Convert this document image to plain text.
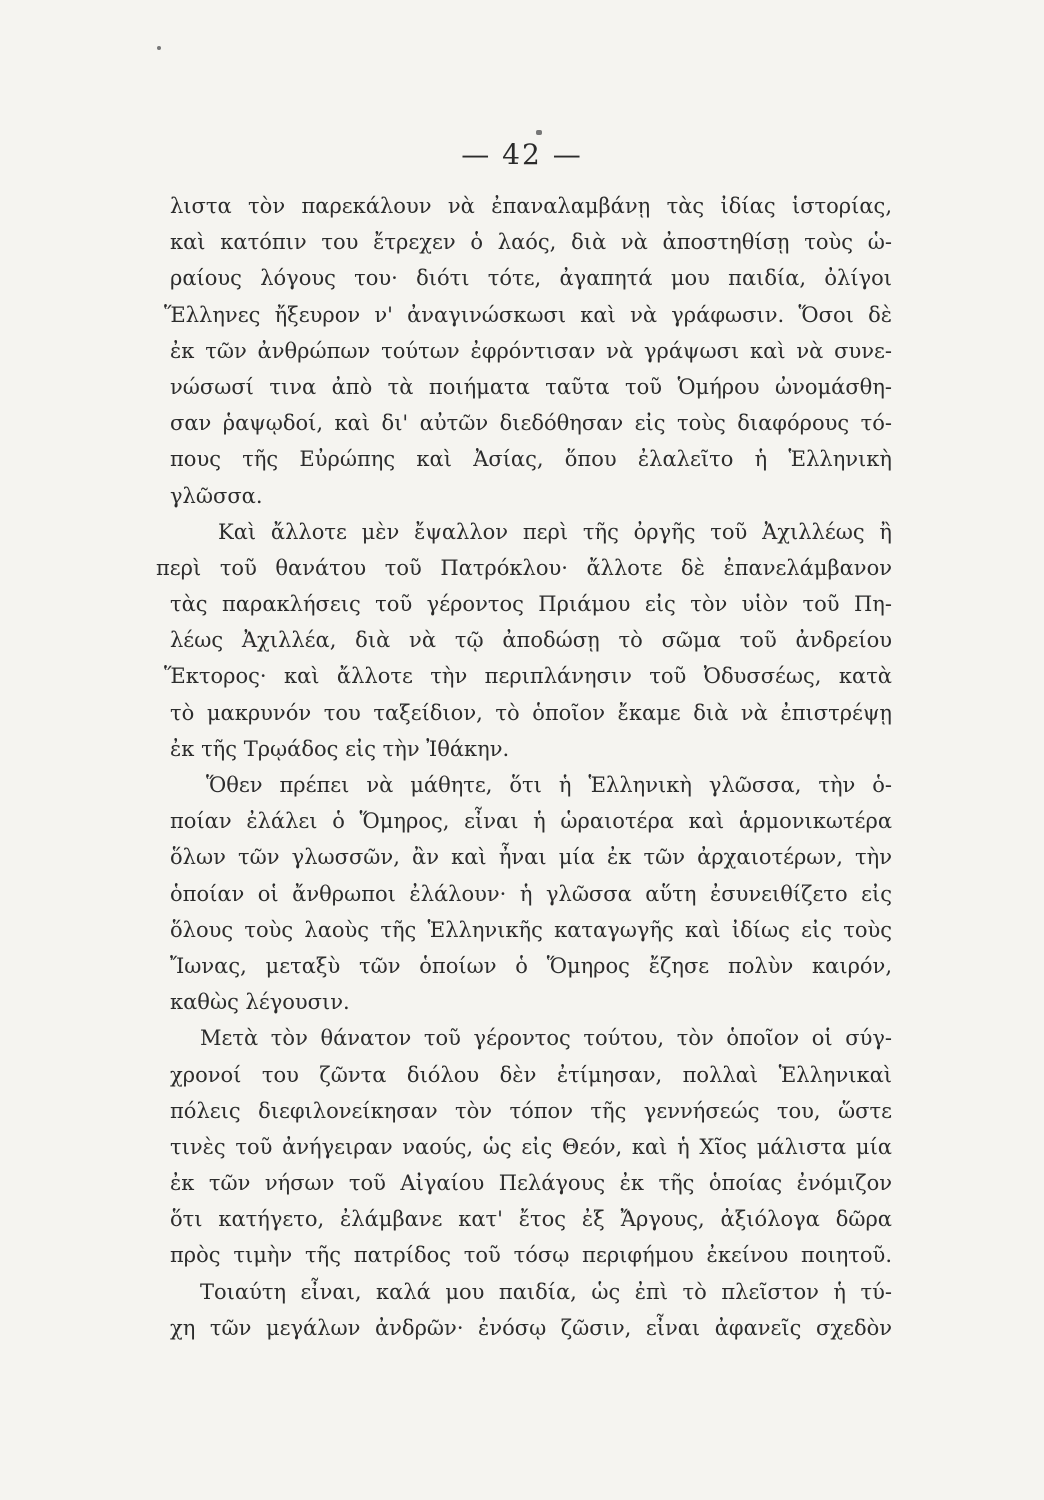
— 42 —
λιστα τὸν παρεκάλουν νὰ ἐπαναλαμβάνῃ τὰς ἰδίας ἱστορίας,
καὶ κατόπιν του ἔτρεχεν ὁ λαός, διὰ νὰ ἀποστηθίσῃ τοὺς ὡ-
ραίους λόγους του· διότι τότε, ἀγαπητά μου παιδία, ὀλίγοι
Ἕλληνες ἤξευρον ν' ἀναγινώσκωσι καὶ νὰ γράφωσιν. Ὅσοι δὲ
ἐκ τῶν ἀνθρώπων τούτων ἐφρόντισαν νὰ γράψωσι καὶ νὰ συνε-
νώσωσί τινα ἀπὸ τὰ ποιήματα ταῦτα τοῦ Ὁμήρου ὠνομάσθη-
σαν ῥαψῳδοί, καὶ δι' αὐτῶν διεδόθησαν εἰς τοὺς διαφόρους τό-
πους τῆς Εὐρώπης καὶ Ἀσίας, ὅπου ἐλαλεῖτο ἡ Ἑλληνικὴ
γλῶσσα.
Καὶ ἄλλοτε μὲν ἔψαλλον περὶ τῆς ὀργῆς τοῦ Ἀχιλλέως ἢ
περὶ τοῦ θανάτου τοῦ Πατρόκλου· ἄλλοτε δὲ ἐπανελάμβανον
τὰς παρακλήσεις τοῦ γέροντος Πριάμου εἰς τὸν υἱὸν τοῦ Πη-
λέως Ἀχιλλέα, διὰ νὰ τῷ ἀποδώσῃ τὸ σῶμα τοῦ ἀνδρείου
Ἕκτορος· καὶ ἄλλοτε τὴν περιπλάνησιν τοῦ Ὀδυσσέως, κατὰ
τὸ μακρυνόν του ταξείδιον, τὸ ὁποῖον ἔκαμε διὰ νὰ ἐπιστρέψῃ
ἐκ τῆς Τρῳάδος εἰς τὴν Ἰθάκην.
Ὅθεν πρέπει νὰ μάθητε, ὅτι ἡ Ἑλληνικὴ γλῶσσα, τὴν ὁ-
ποίαν ἐλάλει ὁ Ὅμηρος, εἶναι ἡ ὡραιοτέρα καὶ ἁρμονικωτέρα
ὅλων τῶν γλωσσῶν, ἂν καὶ ἦναι μία ἐκ τῶν ἀρχαιοτέρων, τὴν
ὁποίαν οἱ ἄνθρωποι ἐλάλουν· ἡ γλῶσσα αὕτη ἐσυνειθίζετο εἰς
ὅλους τοὺς λαοὺς τῆς Ἑλληνικῆς καταγωγῆς καὶ ἰδίως εἰς τοὺς
Ἴωνας, μεταξὺ τῶν ὁποίων ὁ Ὅμηρος ἔζησε πολὺν καιρόν,
καθὼς λέγουσιν.
Μετὰ τὸν θάνατον τοῦ γέροντος τούτου, τὸν ὁποῖον οἱ σύγ-
χρονοί του ζῶντα διόλου δὲν ἐτίμησαν, πολλαὶ Ἑλληνικαὶ
πόλεις διεφιλονείκησαν τὸν τόπον τῆς γεννήσεώς του, ὥστε
τινὲς τοῦ ἀνήγειραν ναούς, ὡς εἰς Θεόν, καὶ ἡ Χῖος μάλιστα μία
ἐκ τῶν νήσων τοῦ Αἰγαίου Πελάγους ἐκ τῆς ὁποίας ἐνόμιζον
ὅτι κατήγετο, ἐλάμβανε κατ' ἔτος ἐξ Ἄργους, ἀξιόλογα δῶρα
πρὸς τιμὴν τῆς πατρίδος τοῦ τόσῳ περιφήμου ἐκείνου ποιητοῦ.
Τοιαύτη εἶναι, καλά μου παιδία, ὡς ἐπὶ τὸ πλεῖστον ἡ τύ-
χη τῶν μεγάλων ἀνδρῶν· ἐνόσῳ ζῶσιν, εἶναι ἀφανεῖς σχεδὸν
